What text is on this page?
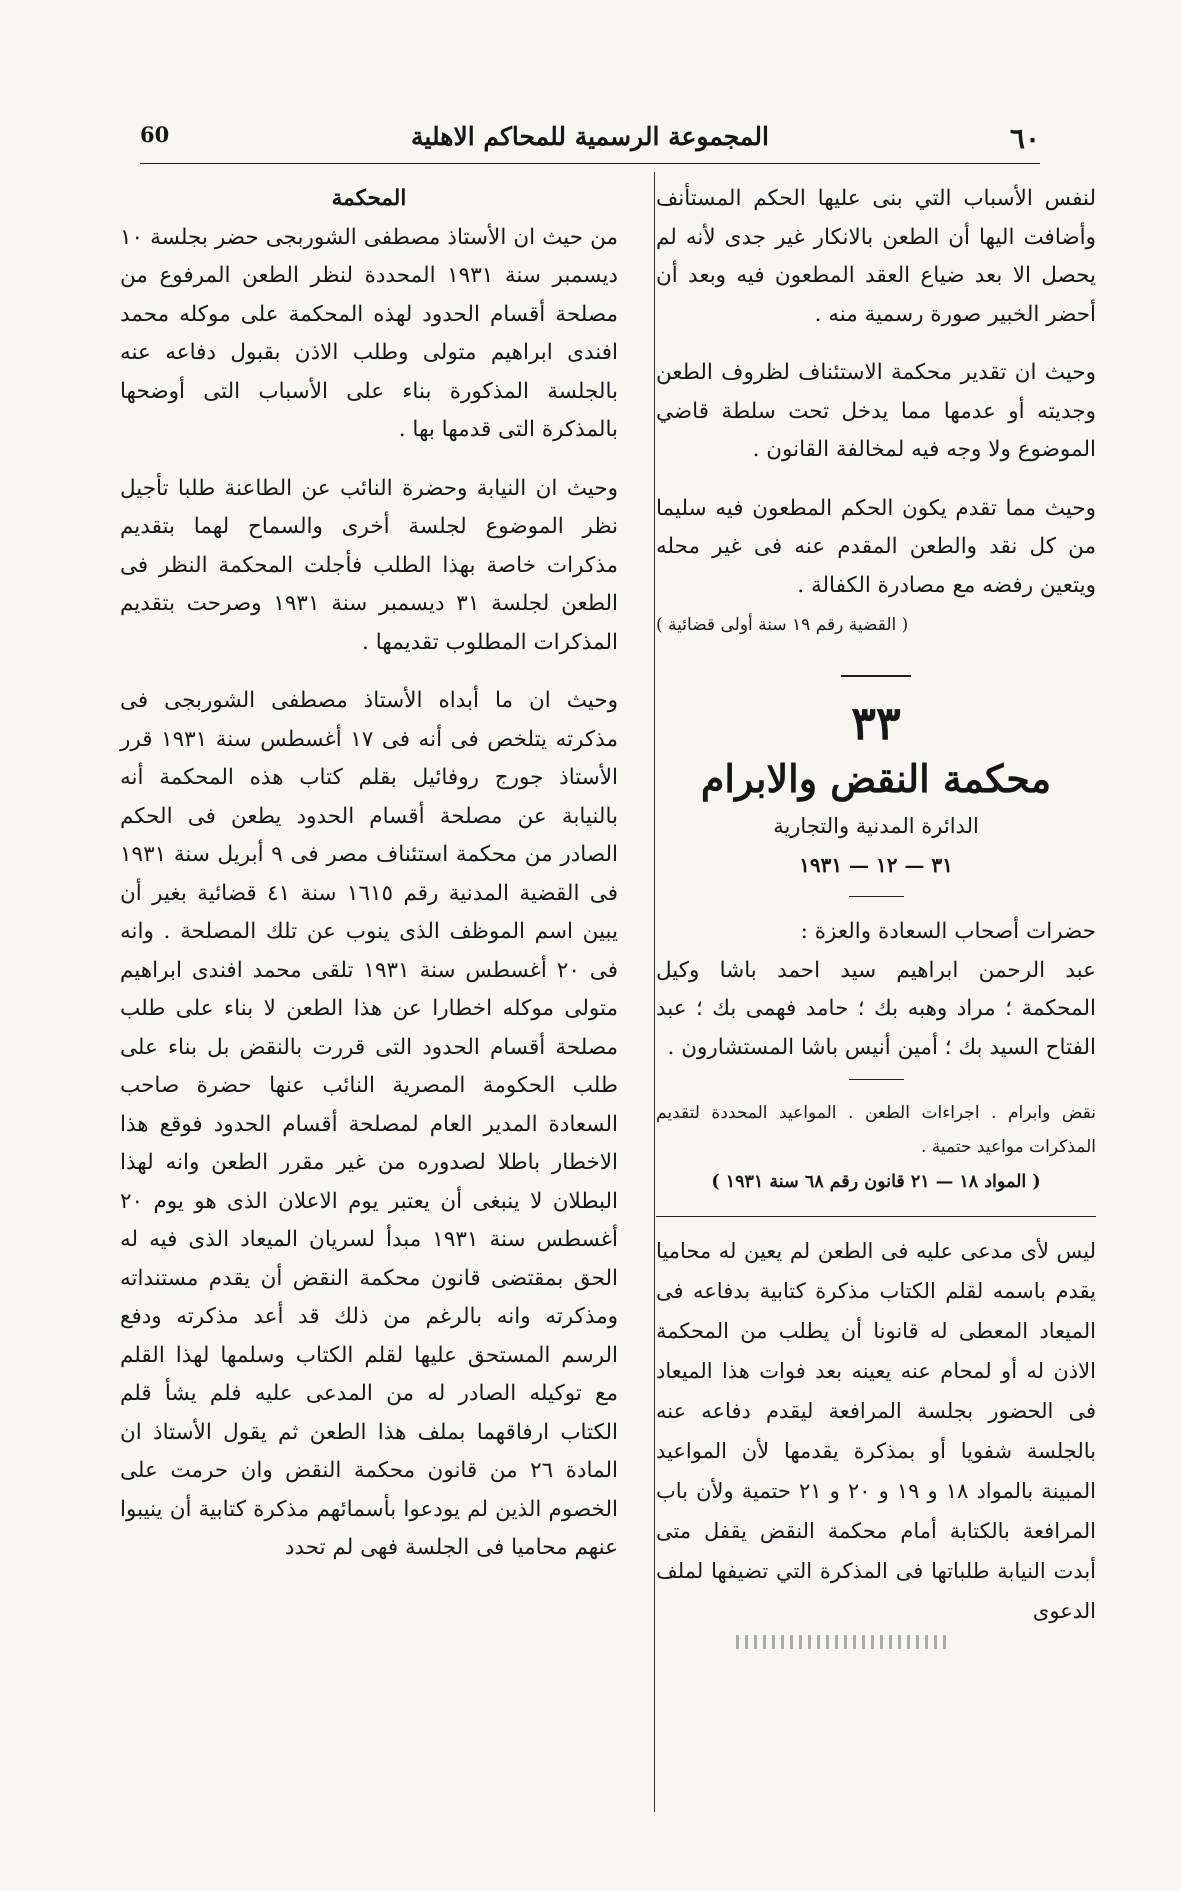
٦٠
المجموعة الرسمية للمحاكم الاهلية
60

لنفس الأسباب التي بنى عليها الحكم المستأنف وأضافت اليها أن الطعن بالانكار غير جدى لأنه لم يحصل الا بعد ضياع العقد المطعون فيه وبعد أن أحضر الخبير صورة رسمية منه .

وحيث ان تقدير محكمة الاستئناف لظروف الطعن وجديته أو عدمها مما يدخل تحت سلطة قاضي الموضوع ولا وجه فيه لمخالفة القانون .

وحيث مما تقدم يكون الحكم المطعون فيه سليما من كل نقد والطعن المقدم عنه فى غير محله ويتعين رفضه مع مصادرة الكفالة .

( القضية رقم ١٩ سنة أولى قضائية )

٣٣

محكمة النقض والابرام

الدائرة المدنية والتجارية

٣١ — ١٢ — ١٩٣١

حضرات أصحاب السعادة والعزة :

عبد الرحمن ابراهيم سيد احمد باشا وكيل المحكمة ؛ مراد وهبه بك ؛ حامد فهمى بك ؛ عبد الفتاح السيد بك ؛ أمين أنيس باشا المستشارون .

نقض وابرام . اجراءات الطعن . المواعيد المحددة لتقديم المذكرات مواعيد حتمية .

( المواد ١٨ — ٢١ قانون رقم ٦٨ سنة ١٩٣١ )

ليس لأى مدعى عليه فى الطعن لم يعين له محاميا يقدم باسمه لقلم الكتاب مذكرة كتابية بدفاعه فى الميعاد المعطى له قانونا أن يطلب من المحكمة الاذن له أو لمحام عنه يعينه بعد فوات هذا الميعاد فى الحضور بجلسة المرافعة ليقدم دفاعه عنه بالجلسة شفويا أو بمذكرة يقدمها لأن المواعيد المبينة بالمواد ١٨ و ١٩ و ٢٠ و ٢١ حتمية ولأن باب المرافعة بالكتابة أمام محكمة النقض يقفل متى أبدت النيابة طلباتها فى المذكرة التي تضيفها لملف الدعوى

المحكمة

من حيث ان الأستاذ مصطفى الشوربجى حضر بجلسة ١٠ ديسمبر سنة ١٩٣١ المحددة لنظر الطعن المرفوع من مصلحة أقسام الحدود لهذه المحكمة على موكله محمد افندى ابراهيم متولى وطلب الاذن بقبول دفاعه عنه بالجلسة المذكورة بناء على الأسباب التى أوضحها بالمذكرة التى قدمها بها .

وحيث ان النيابة وحضرة النائب عن الطاعنة طلبا تأجيل نظر الموضوع لجلسة أخرى والسماح لهما بتقديم مذكرات خاصة بهذا الطلب فأجلت المحكمة النظر فى الطعن لجلسة ٣١ ديسمبر سنة ١٩٣١ وصرحت بتقديم المذكرات المطلوب تقديمها .

وحيث ان ما أبداه الأستاذ مصطفى الشوربجى فى مذكرته يتلخص فى أنه فى ١٧ أغسطس سنة ١٩٣١ قرر الأستاذ جورج روفائيل بقلم كتاب هذه المحكمة أنه بالنيابة عن مصلحة أقسام الحدود يطعن فى الحكم الصادر من محكمة استئناف مصر فى ٩ أبريل سنة ١٩٣١ فى القضية المدنية رقم ١٦١٥ سنة ٤١ قضائية بغير أن يبين اسم الموظف الذى ينوب عن تلك المصلحة . وانه فى ٢٠ أغسطس سنة ١٩٣١ تلقى محمد افندى ابراهيم متولى موكله اخطارا عن هذا الطعن لا بناء على طلب مصلحة أقسام الحدود التى قررت بالنقض بل بناء على طلب الحكومة المصرية النائب عنها حضرة صاحب السعادة المدير العام لمصلحة أقسام الحدود فوقع هذا الاخطار باطلا لصدوره من غير مقرر الطعن وانه لهذا البطلان لا ينبغى أن يعتبر يوم الاعلان الذى هو يوم ٢٠ أغسطس سنة ١٩٣١ مبدأ لسريان الميعاد الذى فيه له الحق بمقتضى قانون محكمة النقض أن يقدم مستنداته ومذكرته وانه بالرغم من ذلك قد أعد مذكرته ودفع الرسم المستحق عليها لقلم الكتاب وسلمها لهذا القلم مع توكيله الصادر له من المدعى عليه فلم يشأ قلم الكتاب ارفاقهما بملف هذا الطعن ثم يقول الأستاذ ان المادة ٢٦ من قانون محكمة النقض وان حرمت على الخصوم الذين لم يودعوا بأسمائهم مذكرة كتابية أن ينيبوا عنهم محاميا فى الجلسة فهى لم تحدد
